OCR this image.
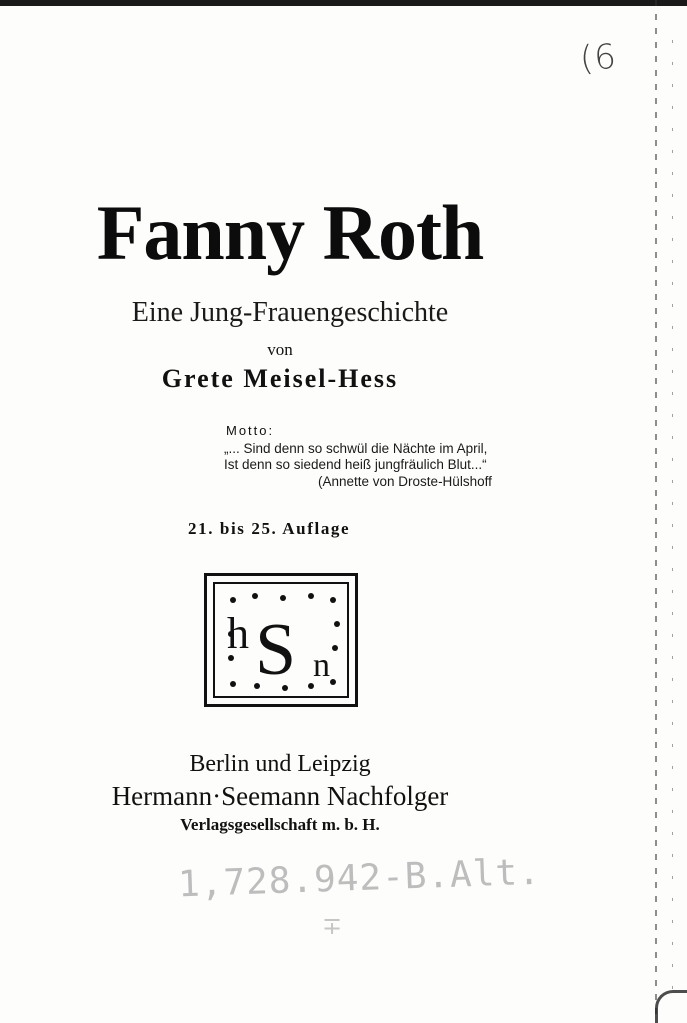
(6
Fanny Roth
Eine Jung-Frauengeschichte
von
Grete Meisel-Hess
Motto:
„... Sind denn so schwül die Nächte im April,
Ist denn so siedend heiß jungfräulich Blut...“
(Annette von Droste-Hülshoff
21. bis 25. Auflage
h S n
Berlin und Leipzig
Hermann·Seemann Nachfolger
Verlagsgesellschaft m. b. H.
1,728.942-B.Alt.
∓
